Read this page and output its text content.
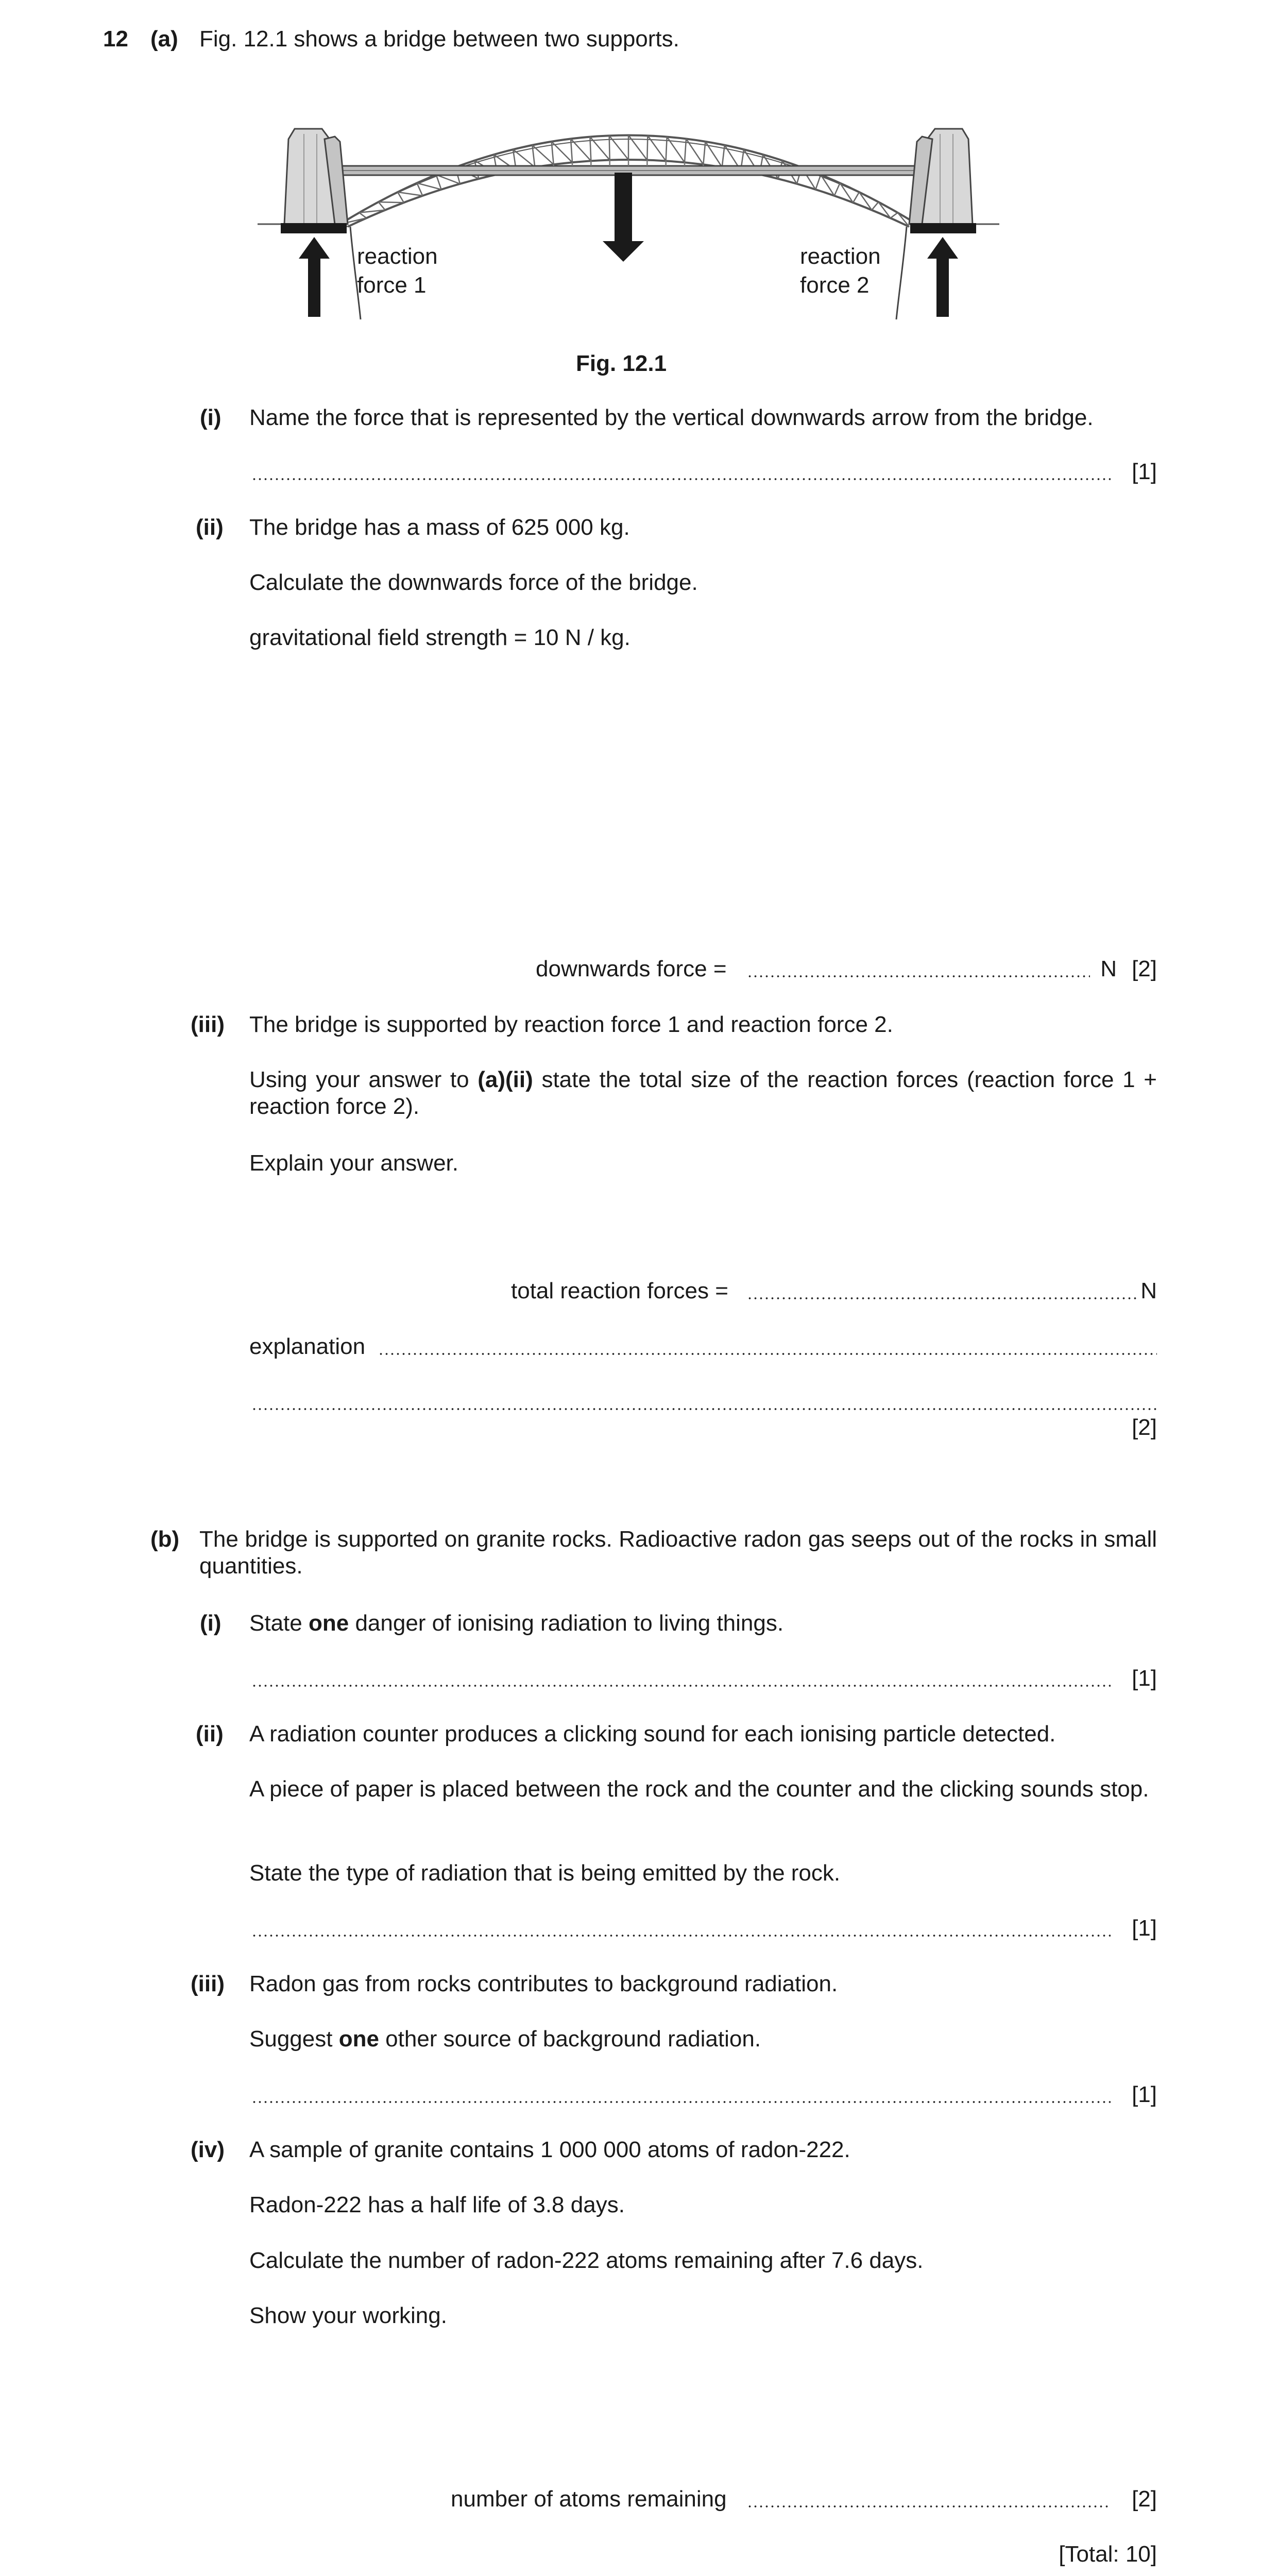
12 (a) Fig. 12.1 shows a bridge between two supports.
reaction
force 1
reaction
force 2
Fig. 12.1
(i) Name the force that is represented by the vertical downwards arrow from the bridge.
[1]
(ii) The bridge has a mass of 625 000 kg.
Calculate the downwards force of the bridge.
gravitational field strength = 10 N / kg.
downwards force =	N [2]
(iii) The bridge is supported by reaction force 1 and reaction force 2.
Using your answer to (a)(ii) state the total size of the reaction forces (reaction force 1 + reaction force 2).
Explain your answer.
total reaction forces =	N
explanation
[2]
(b) The bridge is supported on granite rocks. Radioactive radon gas seeps out of the rocks in small quantities.
(i) State one danger of ionising radiation to living things.
[1]
(ii) A radiation counter produces a clicking sound for each ionising particle detected.
A piece of paper is placed between the rock and the counter and the clicking sounds stop.
State the type of radiation that is being emitted by the rock.
[1]
(iii) Radon gas from rocks contributes to background radiation.
Suggest one other source of background radiation.
[1]
(iv) A sample of granite contains 1 000 000 atoms of radon-222.
Radon-222 has a half life of 3.8 days.
Calculate the number of radon-222 atoms remaining after 7.6 days.
Show your working.
number of atoms remaining	[2]
[Total: 10]
